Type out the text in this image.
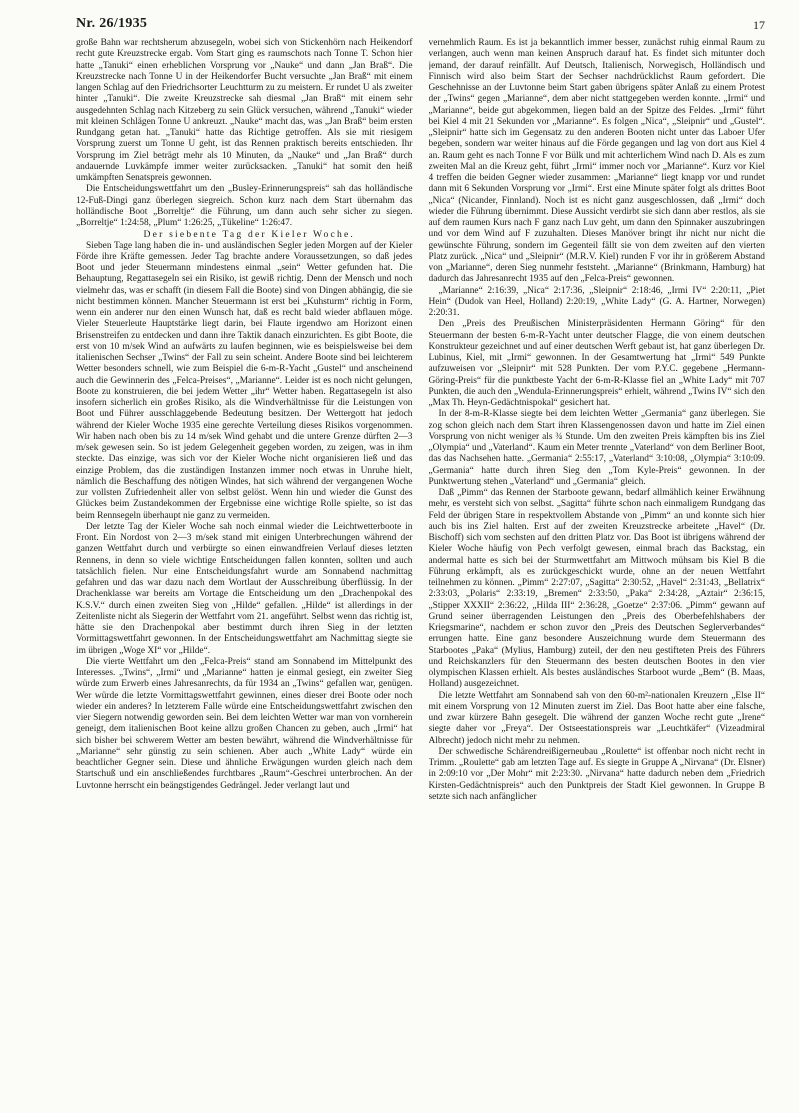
Nr. 26/1935	17

große Bahn war rechtsherum abzusegeln, wobei sich von Stickenhörn nach Heikendorf recht gute Kreuzstrecke ergab. Vom Start ging es raumschots nach Tonne T. Schon hier hatte „Tanuki“ einen erheblichen Vorsprung vor „Nauke“ und dann „Jan Braß“. Die Kreuzstrecke nach Tonne U in der Heikendorfer Bucht versuchte „Jan Braß“ mit einem langen Schlag auf den Friedrichsorter Leuchtturm zu zu meistern. Er rundet U als zweiter hinter „Tanuki“. Die zweite Kreuzstrecke sah diesmal „Jan Braß“ mit einem sehr ausgedehnten Schlag nach Kitzeberg zu sein Glück versuchen, während „Tanuki“ wieder mit kleinen Schlägen Tonne U ankreuzt. „Nauke“ macht das, was „Jan Braß“ beim ersten Rundgang getan hat. „Tanuki“ hatte das Richtige getroffen. Als sie mit riesigem Vorsprung zuerst um Tonne U geht, ist das Rennen praktisch bereits entschieden. Ihr Vorsprung im Ziel beträgt mehr als 10 Minuten, da „Nauke“ und „Jan Braß“ durch andauernde Luvkämpfe immer weiter zurücksacken. „Tanuki“ hat somit den heiß umkämpften Senatspreis gewonnen.

Die Entscheidungswettfahrt um den „Busley-Erinnerungspreis“ sah das holländische 12-Fuß-Dingi ganz überlegen siegreich. Schon kurz nach dem Start übernahm das holländische Boot „Borreltje“ die Führung, um dann auch sehr sicher zu siegen. „Borreltje“ 1:24:58, „Plum“ 1:26:25, „Tükeline“ 1:26:47.

Der siebente Tag der Kieler Woche.

Sieben Tage lang haben die in- und ausländischen Segler jeden Morgen auf der Kieler Förde ihre Kräfte gemessen. Jeder Tag brachte andere Voraussetzungen, so daß jedes Boot und jeder Steuermann mindestens einmal „sein“ Wetter gefunden hat. Die Behauptung, Regattasegeln sei ein Risiko, ist gewiß richtig. Denn der Mensch und noch vielmehr das, was er schafft (in diesem Fall die Boote) sind von Dingen abhängig, die sie nicht bestimmen können. Mancher Steuermann ist erst bei „Kuhsturm“ richtig in Form, wenn ein anderer nur den einen Wunsch hat, daß es recht bald wieder abflauen möge. Vieler Steuerleute Hauptstärke liegt darin, bei Flaute irgendwo am Horizont einen Brisenstreifen zu entdecken und dann ihre Taktik danach einzurichten. Es gibt Boote, die erst von 10 m/sek Wind an aufwärts zu laufen beginnen, wie es beispielsweise bei dem italienischen Sechser „Twins“ der Fall zu sein scheint. Andere Boote sind bei leichterem Wetter besonders schnell, wie zum Beispiel die 6-m-R-Yacht „Gustel“ und anscheinend auch die Gewinnerin des „Felca-Preises“, „Marianne“. Leider ist es noch nicht gelungen, Boote zu konstruieren, die bei jedem Wetter „ihr“ Wetter haben. Regattasegeln ist also insofern sicherlich ein großes Risiko, als die Windverhältnisse für die Leistungen von Boot und Führer ausschlaggebende Bedeutung besitzen. Der Wettergott hat jedoch während der Kieler Woche 1935 eine gerechte Verteilung dieses Risikos vorgenommen. Wir haben nach oben bis zu 14 m/sek Wind gehabt und die untere Grenze dürften 2—3 m/sek gewesen sein. So ist jedem Gelegenheit gegeben worden, zu zeigen, was in ihm steckte. Das einzige, was sich vor der Kieler Woche nicht organisieren ließ und das einzige Problem, das die zuständigen Instanzen immer noch etwas in Unruhe hielt, nämlich die Beschaffung des nötigen Windes, hat sich während der vergangenen Woche zur vollsten Zufriedenheit aller von selbst gelöst. Wenn hin und wieder die Gunst des Glückes beim Zustandekommen der Ergebnisse eine wichtige Rolle spielte, so ist das beim Rennsegeln überhaupt nie ganz zu vermeiden.

Der letzte Tag der Kieler Woche sah noch einmal wieder die Leichtwetterboote in Front. Ein Nordost von 2—3 m/sek stand mit einigen Unterbrechungen während der ganzen Wettfahrt durch und verbürgte so einen einwandfreien Verlauf dieses letzten Rennens, in denn so viele wichtige Entscheidungen fallen konnten, sollten und auch tatsächlich fielen. Nur eine Entscheidungsfahrt wurde am Sonnabend nachmittag gefahren und das war dazu nach dem Wortlaut der Ausschreibung überflüssig. In der Drachenklasse war bereits am Vortage die Entscheidung um den „Drachenpokal des K.S.V.“ durch einen zweiten Sieg von „Hilde“ gefallen. „Hilde“ ist allerdings in der Zeitenliste nicht als Siegerin der Wettfahrt vom 21. angeführt. Selbst wenn das richtig ist, hätte sie den Drachenpokal aber bestimmt durch ihren Sieg in der letzten Vormittagswettfahrt gewonnen. In der Entscheidungswettfahrt am Nachmittag siegte sie im übrigen „Woge XI“ vor „Hilde“.

Die vierte Wettfahrt um den „Felca-Preis“ stand am Sonnabend im Mittelpunkt des Interesses. „Twins“, „Irmi“ und „Marianne“ hatten je einmal gesiegt, ein zweiter Sieg würde zum Erwerb eines Jahresanrechts, da für 1934 an „Twins“ gefallen war, genügen. Wer würde die letzte Vormittagswettfahrt gewinnen, eines dieser drei Boote oder noch wieder ein anderes? In letzterem Falle würde eine Entscheidungswettfahrt zwischen den vier Siegern notwendig geworden sein. Bei dem leichten Wetter war man von vornherein geneigt, dem italienischen Boot keine allzu großen Chancen zu geben, auch „Irmi“ hat sich bisher bei schwerem Wetter am besten bewährt, während die Windverhältnisse für „Marianne“ sehr günstig zu sein schienen. Aber auch „White Lady“ würde ein beachtlicher Gegner sein. Diese und ähnliche Erwägungen wurden gleich nach dem Startschuß und ein anschließendes furchtbares „Raum“-Geschrei unterbrochen. An der Luvtonne herrscht ein beängstigendes Gedrängel. Jeder verlangt laut und

vernehmlich Raum. Es ist ja bekanntlich immer besser, zunächst ruhig einmal Raum zu verlangen, auch wenn man keinen Anspruch darauf hat. Es findet sich mitunter doch jemand, der darauf reinfällt. Auf Deutsch, Italienisch, Norwegisch, Holländisch und Finnisch wird also beim Start der Sechser nachdrücklichst Raum gefordert. Die Geschehnisse an der Luvtonne beim Start gaben übrigens später Anlaß zu einem Protest der „Twins“ gegen „Marianne“, dem aber nicht stattgegeben werden konnte. „Irmi“ und „Marianne“, beide gut abgekommen, liegen bald an der Spitze des Feldes. „Irmi“ führt bei Kiel 4 mit 21 Sekunden vor „Marianne“. Es folgen „Nica“, „Sleipnir“ und „Gustel“. „Sleipnir“ hatte sich im Gegensatz zu den anderen Booten nicht unter das Laboer Ufer begeben, sondern war weiter hinaus auf die Förde gegangen und lag von dort aus Kiel 4 an. Raum geht es nach Tonne F vor Bülk und mit achterlichem Wind nach D. Als es zum zweiten Mal an die Kreuz geht, führt „Irmi“ immer noch vor „Marianne“. Kurz vor Kiel 4 treffen die beiden Gegner wieder zusammen: „Marianne“ liegt knapp vor und rundet dann mit 6 Sekunden Vorsprung vor „Irmi“. Erst eine Minute später folgt als drittes Boot „Nica“ (Nicander, Finnland). Noch ist es nicht ganz ausgeschlossen, daß „Irmi“ doch wieder die Führung übernimmt. Diese Aussicht verdirbt sie sich dann aber restlos, als sie auf dem raumen Kurs nach F ganz nach Luv geht, um dann den Spinnaker auszubringen und vor dem Wind auf F zuzuhalten. Dieses Manöver bringt ihr nicht nur nicht die gewünschte Führung, sondern im Gegenteil fällt sie von dem zweiten auf den vierten Platz zurück. „Nica“ und „Sleipnir“ (M.R.V. Kiel) runden F vor ihr in größerem Abstand von „Marianne“, deren Sieg nunmehr feststeht. „Marianne“ (Brinkmann, Hamburg) hat dadurch das Jahresanrecht 1935 auf den „Felca-Preis“ gewonnen.

„Marianne“ 2:16:39, „Nica“ 2:17:36, „Sleipnir“ 2:18:46, „Irmi IV“ 2:20:11, „Piet Hein“ (Dudok van Heel, Holland) 2:20:19, „White Lady“ (G. A. Hartner, Norwegen) 2:20:31.

Den „Preis des Preußischen Ministerpräsidenten Hermann Göring“ für den Steuermann der besten 6-m-R-Yacht unter deutscher Flagge, die von einem deutschen Konstrukteur gezeichnet und auf einer deutschen Werft gebaut ist, hat ganz überlegen Dr. Lubinus, Kiel, mit „Irmi“ gewonnen. In der Gesamtwertung hat „Irmi“ 549 Punkte aufzuweisen vor „Sleipnir“ mit 528 Punkten. Der vom P.Y.C. gegebene „Hermann-Göring-Preis“ für die punktbeste Yacht der 6-m-R-Klasse fiel an „White Lady“ mit 707 Punkten, die auch den „Wendula-Erinnerungspreis“ erhielt, während „Twins IV“ sich den „Max Th. Heyn-Gedächtnispokal“ gesichert hat.

In der 8-m-R-Klasse siegte bei dem leichten Wetter „Germania“ ganz überlegen. Sie zog schon gleich nach dem Start ihren Klassengenossen davon und hatte im Ziel einen Vorsprung von nicht weniger als ¾ Stunde. Um den zweiten Preis kämpften bis ins Ziel „Olympia“ und „Vaterland“. Kaum ein Meter trennte „Vaterland“ von dem Berliner Boot, das das Nachsehen hatte. „Germania“ 2:55:17, „Vaterland“ 3:10:08, „Olympia“ 3:10:09. „Germania“ hatte durch ihren Sieg den „Tom Kyle-Preis“ gewonnen. In der Punktwertung stehen „Vaterland“ und „Germania“ gleich.

Daß „Pimm“ das Rennen der Starboote gewann, bedarf allmählich keiner Erwähnung mehr, es versteht sich von selbst. „Sagitta“ führte schon nach einmaligem Rundgang das Feld der übrigen Stare in respektvollem Abstande von „Pimm“ an und konnte sich hier auch bis ins Ziel halten. Erst auf der zweiten Kreuzstrecke arbeitete „Havel“ (Dr. Bischoff) sich vom sechsten auf den dritten Platz vor. Das Boot ist übrigens während der Kieler Woche häufig von Pech verfolgt gewesen, einmal brach das Backstag, ein andermal hatte es sich bei der Sturmwettfahrt am Mittwoch mühsam bis Kiel B die Führung erkämpft, als es zurückgeschickt wurde, ohne an der neuen Wettfahrt teilnehmen zu können. „Pimm“ 2:27:07, „Sagitta“ 2:30:52, „Havel“ 2:31:43, „Bellatrix“ 2:33:03, „Polaris“ 2:33:19, „Bremen“ 2:33:50, „Paka“ 2:34:28, „Aztair“ 2:36:15, „Stipper XXXII“ 2:36:22, „Hilda III“ 2:36:28, „Goetze“ 2:37:06. „Pimm“ gewann auf Grund seiner überragenden Leistungen den „Preis des Oberbefehlshabers der Kriegsmarine“, nachdem er schon zuvor den „Preis des Deutschen Seglerverbandes“ errungen hatte. Eine ganz besondere Auszeichnung wurde dem Steuermann des Starbootes „Paka“ (Mylius, Hamburg) zuteil, der den neu gestifteten Preis des Führers und Reichskanzlers für den Steuermann des besten deutschen Bootes in den vier olympischen Klassen erhielt. Als bestes ausländisches Starboot wurde „Bem“ (B. Maas, Holland) ausgezeichnet.

Die letzte Wettfahrt am Sonnabend sah von den 60-m²-nationalen Kreuzern „Else II“ mit einem Vorsprung von 12 Minuten zuerst im Ziel. Das Boot hatte aber eine falsche, und zwar kürzere Bahn gesegelt. Die während der ganzen Woche recht gute „Irene“ siegte daher vor „Freya“. Der Ostseestationspreis war „Leuchtkäfer“ (Vizeadmiral Albrecht) jedoch nicht mehr zu nehmen.

Der schwedische Schärendreißigerneubau „Roulette“ ist offenbar noch nicht recht in Trimm. „Roulette“ gab am letzten Tage auf. Es siegte in Gruppe A „Nirvana“ (Dr. Elsner) in 2:09:10 vor „Der Mohr“ mit 2:23:30. „Nirvana“ hatte dadurch neben dem „Friedrich Kirsten-Gedächtnispreis“ auch den Punktpreis der Stadt Kiel gewonnen. In Gruppe B setzte sich nach anfänglicher
